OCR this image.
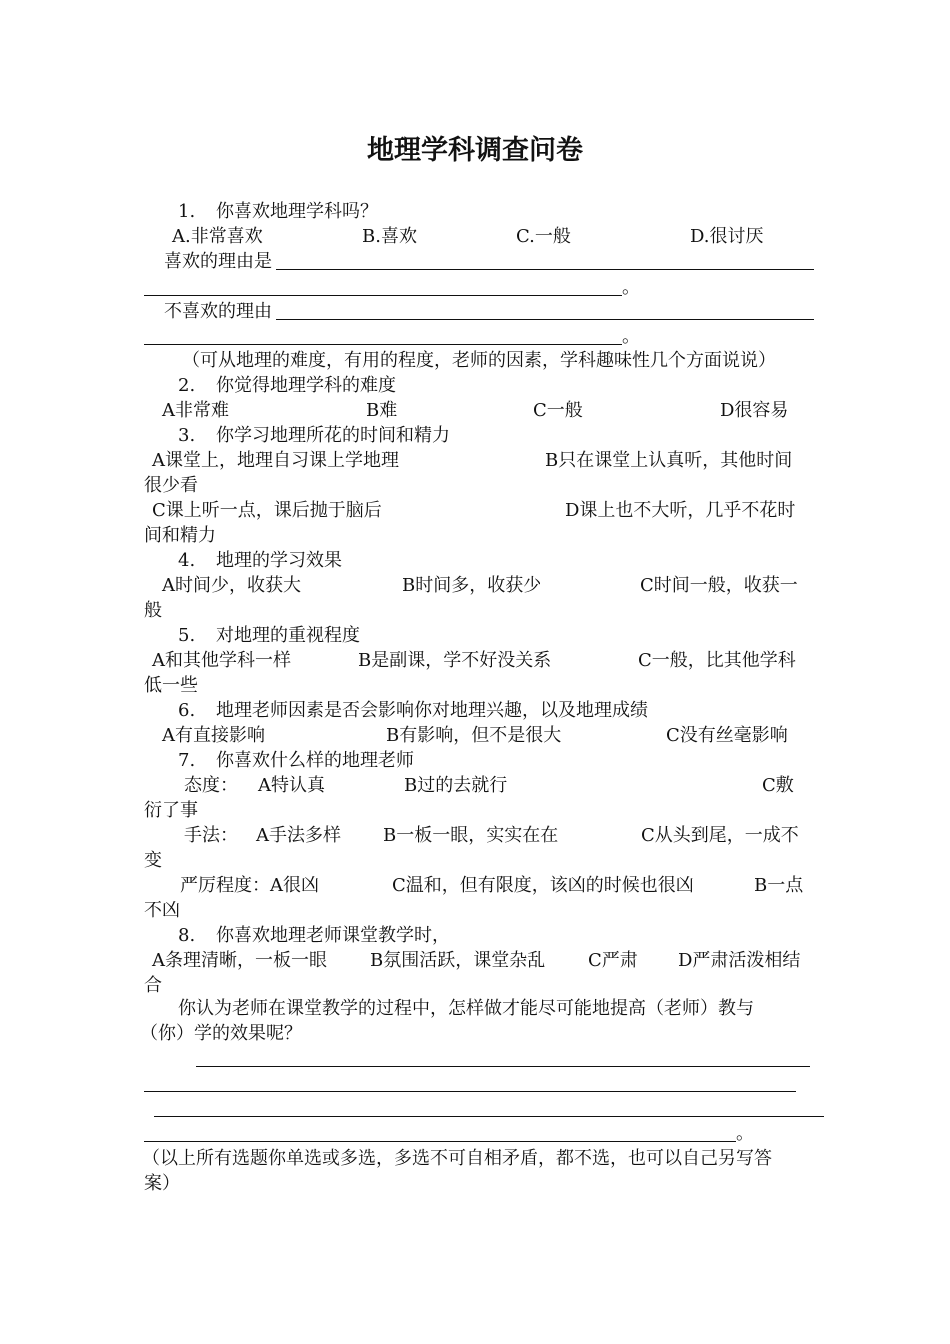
地理学科调查问卷
1. 你喜欢地理学科吗？
A.非常喜欢	B.喜欢	C.一般	D.很讨厌
喜欢的理由是
。
不喜欢的理由
。
（可从地理的难度，有用的程度，老师的因素，学科趣味性几个方面说说）
2. 你觉得地理学科的难度
A非常难	B难	C一般	D很容易
3. 你学习地理所花的时间和精力
A课堂上，地理自习课上学地理	B只在课堂上认真听，其他时间
很少看
C课上听一点，课后抛于脑后	D课上也不大听，几乎不花时
间和精力
4. 地理的学习效果
A时间少，收获大	B时间多，收获少	C时间一般，收获一
般
5. 对地理的重视程度
A和其他学科一样	B是副课，学不好没关系	C一般，比其他学科
低一些
6. 地理老师因素是否会影响你对地理兴趣，以及地理成绩
A有直接影响	B有影响，但不是很大	C没有丝毫影响
7. 你喜欢什么样的地理老师
态度： A特认真	B过的去就行	C敷
衍了事
手法： A手法多样 B一板一眼，实实在在	C从头到尾，一成不
变
严厉程度： A很凶	C温和，但有限度，该凶的时候也很凶	B一点
不凶
8. 你喜欢地理老师课堂教学时，
A条理清晰，一板一眼 B氛围活跃，课堂杂乱 C严肃 D严肃活泼相结
合
你认为老师在课堂教学的过程中，怎样做才能尽可能地提高（老师）教与
（你）学的效果呢？
。
（以上所有选题你单选或多选，多选不可自相矛盾，都不选，也可以自己另写答
案）
